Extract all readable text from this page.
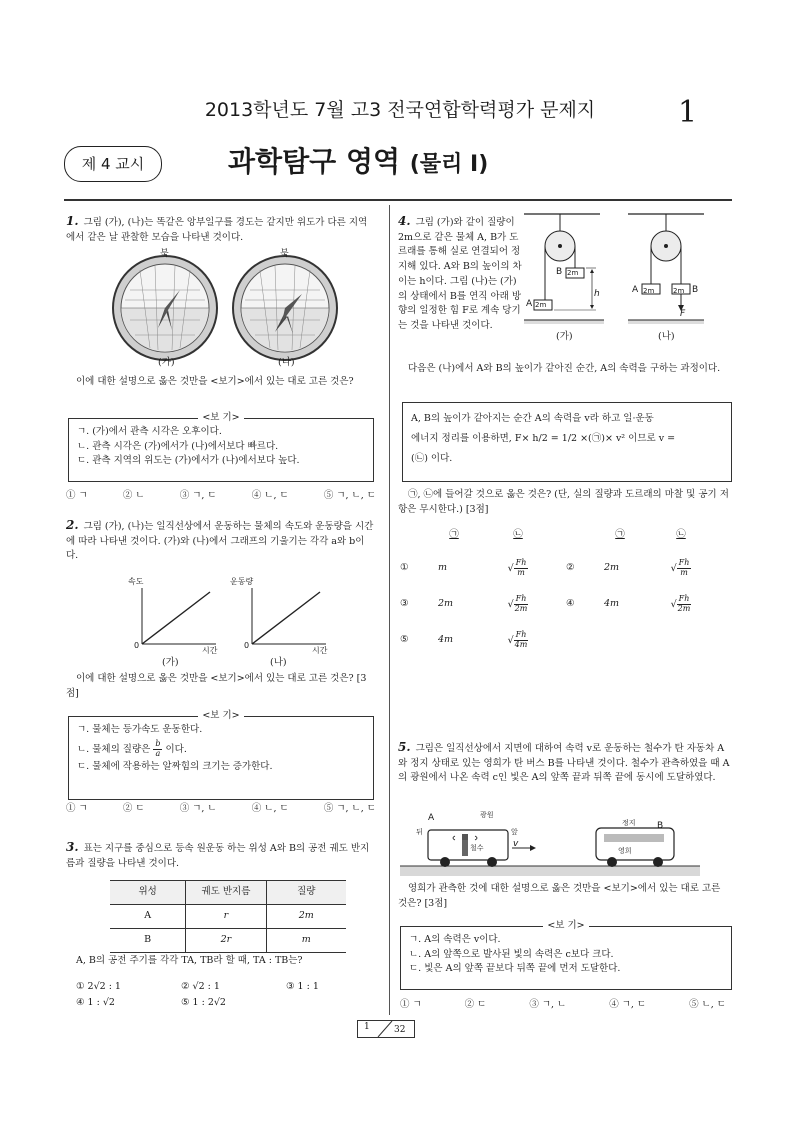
2013학년도 7월 고3 전국연합학력평가 문제지	1
제 4 교시	과학탐구 영역 (물리 Ⅰ)
1. 그림 (가), (나)는 똑같은 앙부일구를 경도는 같지만 위도가 다른 지역에서 같은 날 관찰한 모습을 나타낸 것이다.
북	북
(가)	(나)
이에 대한 설명으로 옳은 것만을 <보기>에서 있는 대로 고른 것은?
<보 기>
ㄱ. (가)에서 관측 시각은 오후이다.
ㄴ. 관측 시각은 (가)에서가 (나)에서보다 빠르다.
ㄷ. 관측 지역의 위도는 (가)에서가 (나)에서보다 높다.
① ㄱ	② ㄴ	③ ㄱ, ㄷ	④ ㄴ, ㄷ	⑤ ㄱ, ㄴ, ㄷ
2. 그림 (가), (나)는 일직선상에서 운동하는 물체의 속도와 운동량을 시간에 따라 나타낸 것이다. (가)와 (나)에서 그래프의 기울기는 각각 a와 b이다.
속도	운동량
0	0
시간	시간
(가)	(나)
이에 대한 설명으로 옳은 것만을 <보기>에서 있는 대로 고른 것은? [3점]
<보 기>
ㄱ. 물체는 등가속도 운동한다.
ㄴ. 물체의 질량은 $\frac{b}{a}$ 이다.
ㄷ. 물체에 작용하는 알짜힘의 크기는 증가한다.
① ㄱ	② ㄷ	③ ㄱ, ㄴ	④ ㄴ, ㄷ	⑤ ㄱ, ㄴ, ㄷ
3. 표는 지구를 중심으로 등속 원운동 하는 위성 A와 B의 공전 궤도 반지름과 질량을 나타낸 것이다.
위성	궤도 반지름	질량
A	r	2m
B	2r	m
A, B의 공전 주기를 각각 TA, TB라 할 때, TA : TB는?
① 2√2 : 1	② √2 : 1	③ 1 : 1
④ 1 : √2	⑤ 1 : 2√2
4. 그림 (가)와 같이 질량이 2m으로 같은 물체 A, B가 도르래를 통해 실로 연결되어 정지해 있다. A와 B의 높이의 차이는 h이다. 그림 (나)는 (가)의 상태에서 B를 연직 아래 방향의 일정한 힘 F로 계속 당기는 것을 나타낸 것이다.
B 2m
A 2m
h	A 2m	2m B
F
(가)	(나)
다음은 (나)에서 A와 B의 높이가 같아진 순간, A의 속력을 구하는 과정이다.
A, B의 높이가 같아지는 순간 A의 속력을 v라 하고 일·운동
에너지 정리를 이용하면, F× h/2 = 1/2 ×(㉠)× v² 이므로 v =
(㉡) 이다.
㉠, ㉡에 들어갈 것으로 옳은 것은? (단, 실의 질량과 도르래의 마찰 및 공기 저항은 무시한다.) [3점]
㉠	㉡	㉠	㉡
①	m	√ $\frac{Fh}{m}$	②	2m	√ $\frac{Fh}{m}$
③	2m	√ $\frac{Fh}{2m}$	④	4m	√ $\frac{Fh}{2m}$
⑤	4m	√ $\frac{Fh}{4m}$
5. 그림은 일직선상에서 지면에 대하여 속력 v로 운동하는 철수가 탄 자동차 A와 정지 상태로 있는 영희가 탄 버스 B를 나타낸 것이다. 철수가 관측하였을 때 A의 광원에서 나온 속력 c인 빛은 A의 앞쪽 끝과 뒤쪽 끝에 동시에 도달하였다.
A	광원
뒤	앞
v
철수
정지 B
영희
영희가 관측한 것에 대한 설명으로 옳은 것만을 <보기>에서 있는 대로 고른 것은? [3점]
<보 기>
ㄱ. A의 속력은 v이다.
ㄴ. A의 앞쪽으로 발사된 빛의 속력은 c보다 크다.
ㄷ. 빛은 A의 앞쪽 끝보다 뒤쪽 끝에 먼저 도달한다.
① ㄱ	② ㄷ	③ ㄱ, ㄴ	④ ㄱ, ㄷ	⑤ ㄴ, ㄷ
1	32
